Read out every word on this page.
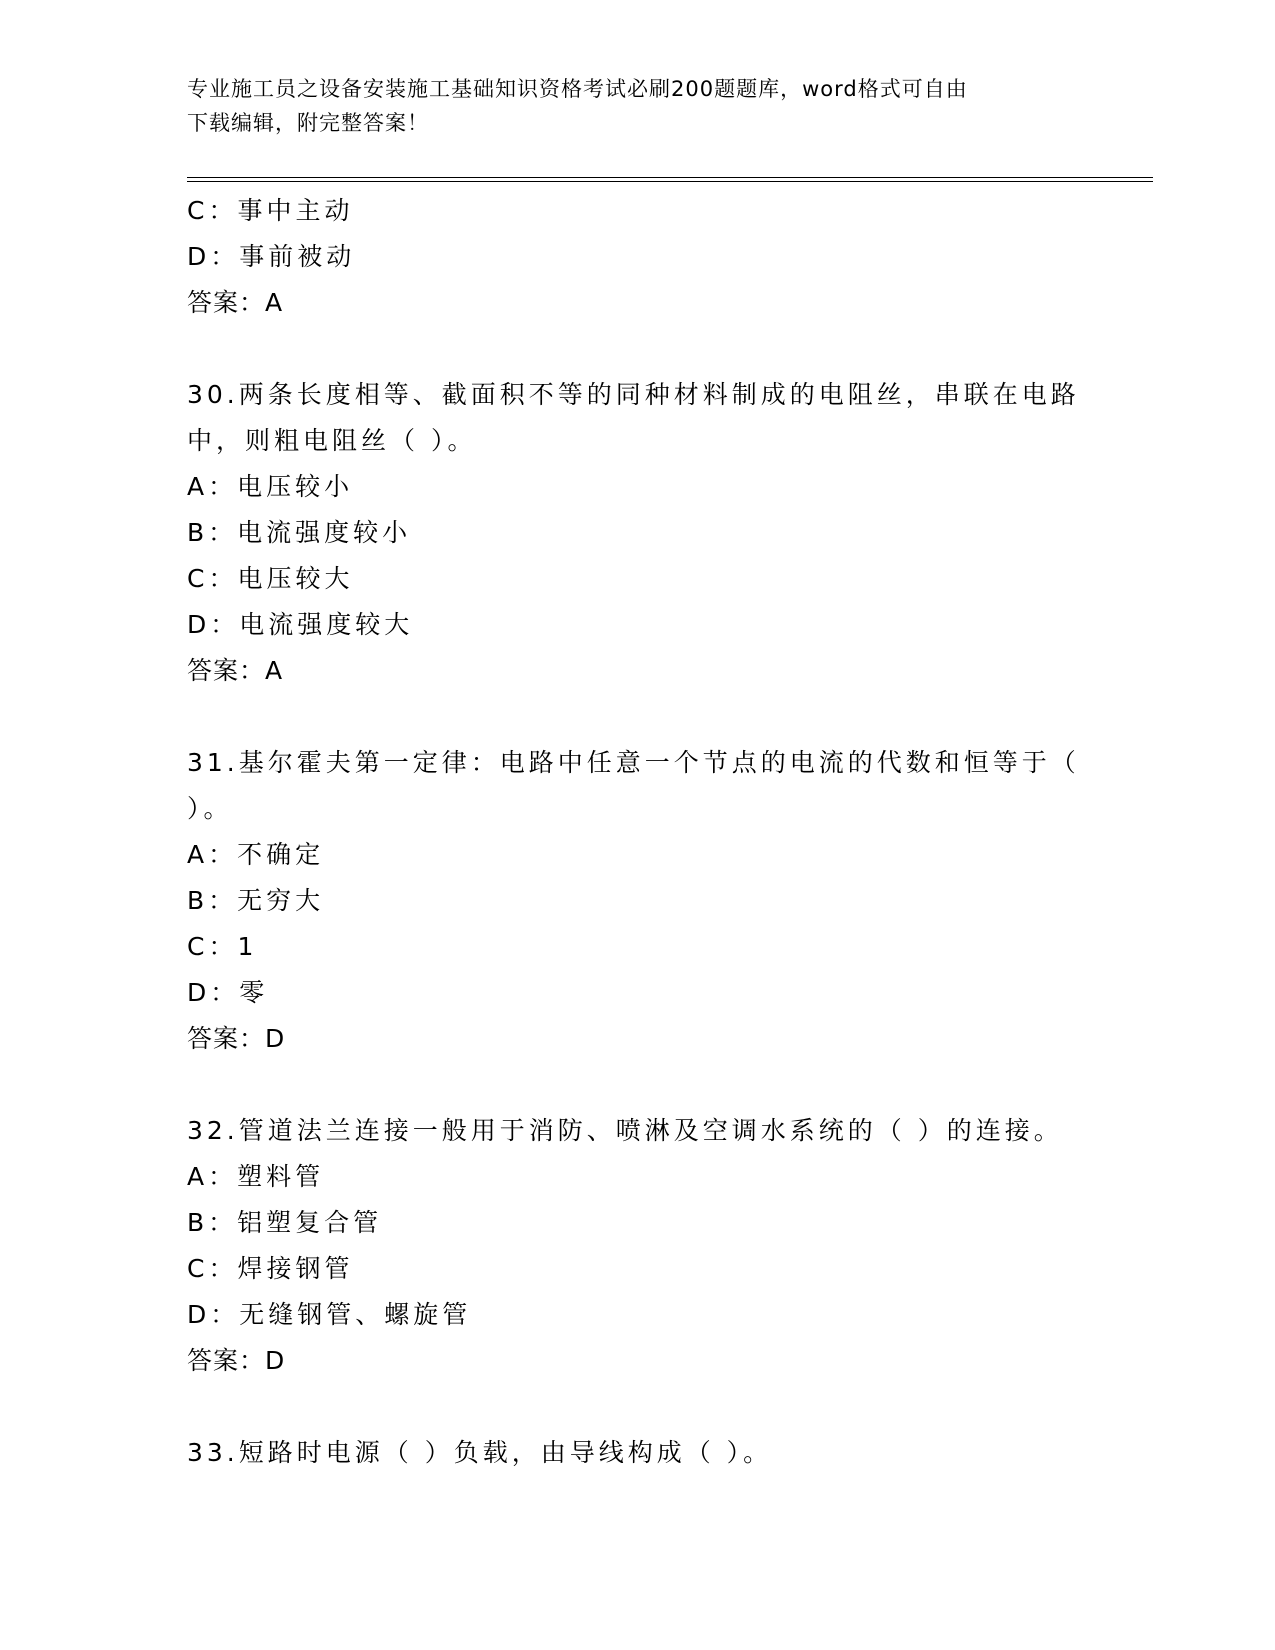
专业施工员之设备安装施工基础知识资格考试必刷200题题库，word格式可自由
下载编辑，附完整答案！
C：事中主动
D：事前被动
答案：A
30.两条长度相等、截面积不等的同种材料制成的电阻丝，串联在电路
中，则粗电阻丝（ ）。
A：电压较小
B：电流强度较小
C：电压较大
D：电流强度较大
答案：A
31.基尔霍夫第一定律：电路中任意一个节点的电流的代数和恒等于（
）。
A：不确定
B：无穷大
C：1
D：零
答案：D
32.管道法兰连接一般用于消防、喷淋及空调水系统的（ ）的连接。
A：塑料管
B：铝塑复合管
C：焊接钢管
D：无缝钢管、螺旋管
答案：D
33.短路时电源（ ）负载，由导线构成（ ）。
